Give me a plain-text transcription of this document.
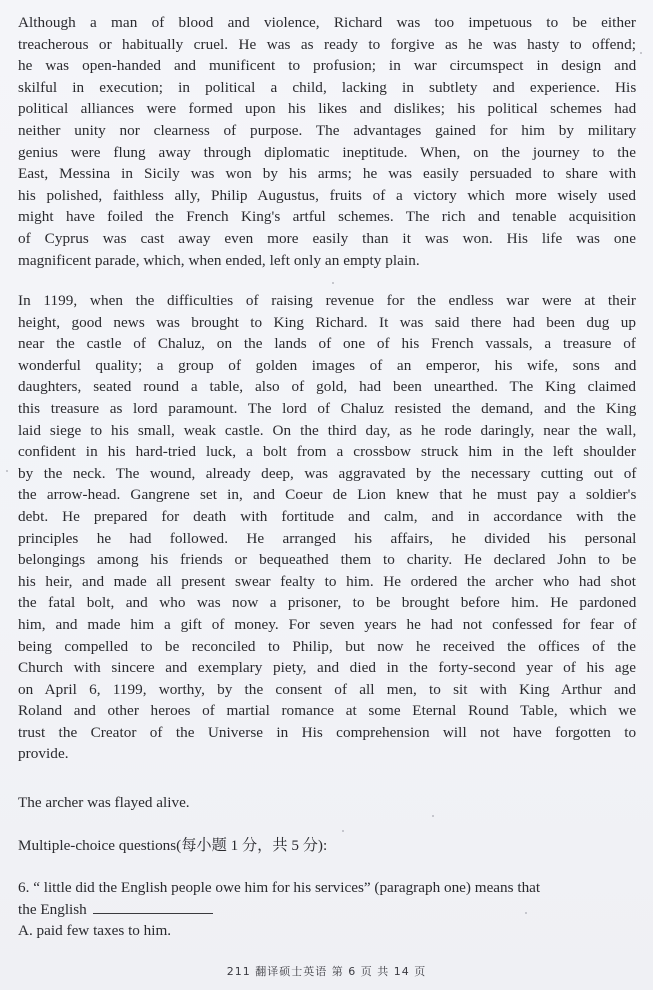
Although a man of blood and violence, Richard was too impetuous to be either
treacherous or habitually cruel. He was as ready to forgive as he was hasty to offend;
he was open-handed and munificent to profusion; in war circumspect in design and
skilful in execution; in political a child, lacking in subtlety and experience. His
political alliances were formed upon his likes and dislikes; his political schemes had
neither unity nor clearness of purpose. The advantages gained for him by military
genius were flung away through diplomatic ineptitude. When, on the journey to the
East, Messina in Sicily was won by his arms; he was easily persuaded to share with
his polished, faithless ally, Philip Augustus, fruits of a victory which more wisely used
might have foiled the French King's artful schemes. The rich and tenable acquisition
of Cyprus was cast away even more easily than it was won. His life was one
magnificent parade, which, when ended, left only an empty plain.
In 1199, when the difficulties of raising revenue for the endless war were at their
height, good news was brought to King Richard. It was said there had been dug up
near the castle of Chaluz, on the lands of one of his French vassals, a treasure of
wonderful quality; a group of golden images of an emperor, his wife, sons and
daughters, seated round a table, also of gold, had been unearthed. The King claimed
this treasure as lord paramount. The lord of Chaluz resisted the demand, and the King
laid siege to his small, weak castle. On the third day, as he rode daringly, near the wall,
confident in his hard-tried luck, a bolt from a crossbow struck him in the left shoulder
by the neck. The wound, already deep, was aggravated by the necessary cutting out of
the arrow-head. Gangrene set in, and Coeur de Lion knew that he must pay a soldier's
debt. He prepared for death with fortitude and calm, and in accordance with the
principles he had followed. He arranged his affairs, he divided his personal
belongings among his friends or bequeathed them to charity. He declared John to be
his heir, and made all present swear fealty to him. He ordered the archer who had shot
the fatal bolt, and who was now a prisoner, to be brought before him. He pardoned
him, and made him a gift of money. For seven years he had not confessed for fear of
being compelled to be reconciled to Philip, but now he received the offices of the
Church with sincere and exemplary piety, and died in the forty-second year of his age
on April 6, 1199, worthy, by the consent of all men, to sit with King Arthur and
Roland and other heroes of martial romance at some Eternal Round Table, which we
trust the Creator of the Universe in His comprehension will not have forgotten to
provide.
The archer was flayed alive.
Multiple-choice questions(每小题 1 分，共 5 分):
6. “ little did the English people owe him for his services” (paragraph one) means that
the English
A. paid few taxes to him.
211 翻译硕士英语 第 6 页 共 14 页
